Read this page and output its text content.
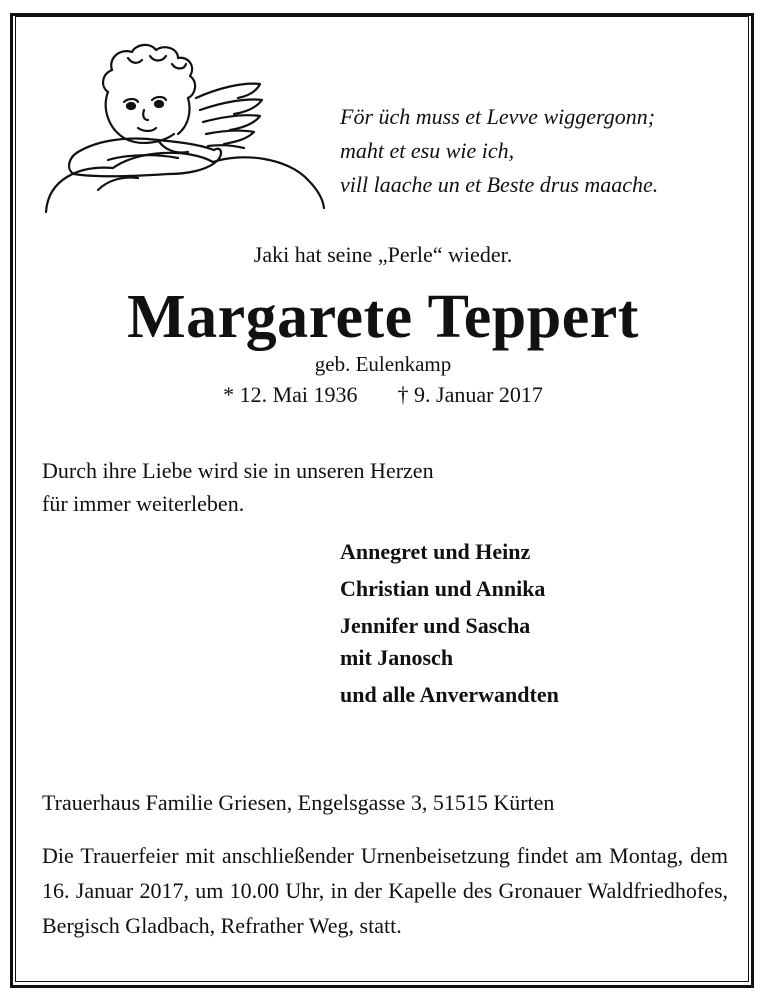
För üch muss et Levve wiggergonn;
maht et esu wie ich,
vill laache un et Beste drus maache.
Jaki hat seine „Perle“ wieder.
Margarete Teppert
geb. Eulenkamp
* 12. Mai 1936 † 9. Januar 2017
Durch ihre Liebe wird sie in unseren Herzen
für immer weiterleben.
Annegret und Heinz
Christian und Annika
Jennifer und Sascha
mit Janosch
und alle Anverwandten
Trauerhaus Familie Griesen, Engelsgasse 3, 51515 Kürten
Die Trauerfeier mit anschließender Urnenbeisetzung findet am Montag, dem 16. Januar 2017, um 10.00 Uhr, in der Kapelle des Gronauer Waldfriedhofes, Bergisch Gladbach, Refrather Weg, statt.
